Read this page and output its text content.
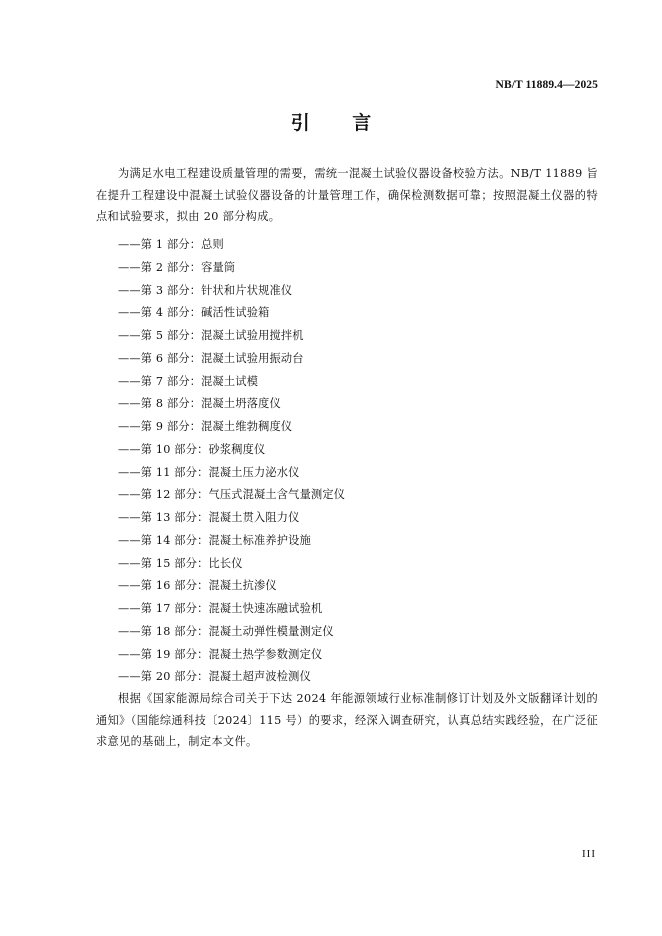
NB/T 11889.4—2025
引 言

为满足水电工程建设质量管理的需要，需统一混凝土试验仪器设备校验方法。NB/T 11889 旨在提升工程建设中混凝土试验仪器设备的计量管理工作，确保检测数据可靠；按照混凝土仪器的特点和试验要求，拟由 20 部分构成。

——第 1 部分：总则
——第 2 部分：容量筒
——第 3 部分：针状和片状规准仪
——第 4 部分：碱活性试验箱
——第 5 部分：混凝土试验用搅拌机
——第 6 部分：混凝土试验用振动台
——第 7 部分：混凝土试模
——第 8 部分：混凝土坍落度仪
——第 9 部分：混凝土维勃稠度仪
——第 10 部分：砂浆稠度仪
——第 11 部分：混凝土压力泌水仪
——第 12 部分：气压式混凝土含气量测定仪
——第 13 部分：混凝土贯入阻力仪
——第 14 部分：混凝土标准养护设施
——第 15 部分：比长仪
——第 16 部分：混凝土抗渗仪
——第 17 部分：混凝土快速冻融试验机
——第 18 部分：混凝土动弹性模量测定仪
——第 19 部分：混凝土热学参数测定仪
——第 20 部分：混凝土超声波检测仪

根据《国家能源局综合司关于下达 2024 年能源领域行业标准制修订计划及外文版翻译计划的通知》（国能综通科技〔2024〕115 号）的要求，经深入调查研究，认真总结实践经验，在广泛征求意见的基础上，制定本文件。

III
